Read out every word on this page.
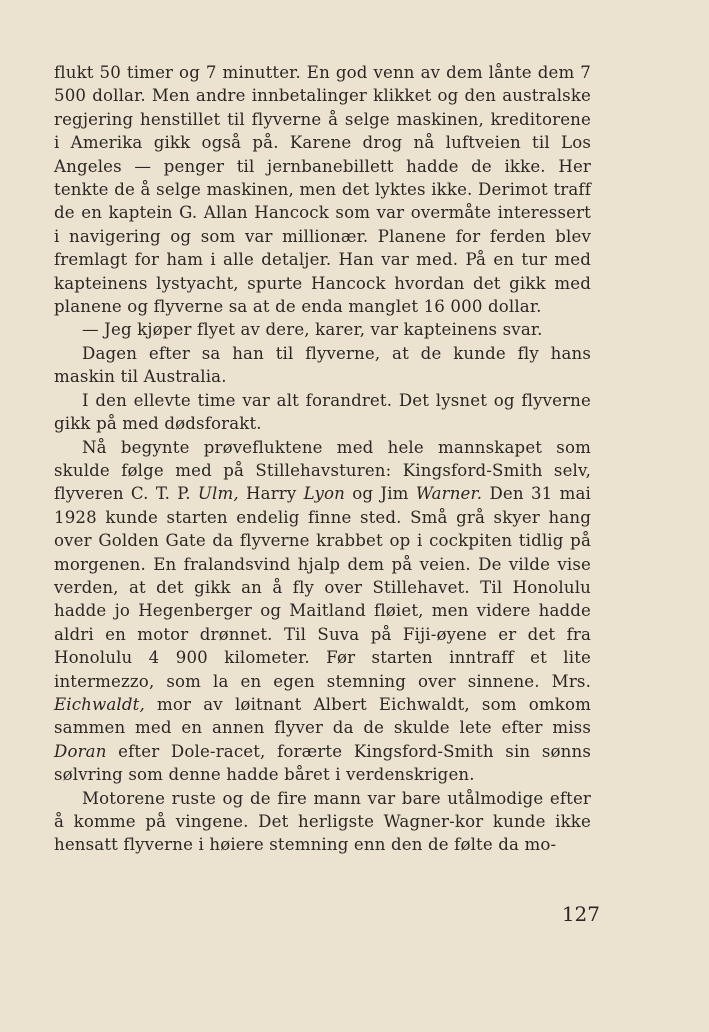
flukt 50 timer og 7 minutter. En god venn av dem lånte dem 7 500 dollar. Men andre innbetalinger klikket og den australske regjering henstillet til flyverne å selge maskinen, kreditorene i Amerika gikk også på. Karene drog nå luftveien til Los Angeles — penger til jernbanebillett hadde de ikke. Her tenkte de å selge maskinen, men det lyktes ikke. Derimot traff de en kaptein G. Allan Hancock som var overmåte interessert i navigering og som var millionær. Planene for ferden blev fremlagt for ham i alle detaljer. Han var med. På en tur med kapteinens lystyacht, spurte Hancock hvordan det gikk med planene og flyverne sa at de enda manglet 16 000 dollar.

— Jeg kjøper flyet av dere, karer, var kapteinens svar.

Dagen efter sa han til flyverne, at de kunde fly hans maskin til Australia.

I den ellevte time var alt forandret. Det lysnet og flyverne gikk på med dødsforakt.

Nå begynte prøvefluktene med hele mannskapet som skulde følge med på Stillehavsturen: Kingsford-Smith selv, flyveren C. T. P. Ulm, Harry Lyon og Jim Warner. Den 31 mai 1928 kunde starten endelig finne sted. Små grå skyer hang over Golden Gate da flyverne krabbet op i cockpiten tidlig på morgenen. En fralandsvind hjalp dem på veien. De vilde vise verden, at det gikk an å fly over Stillehavet. Til Honolulu hadde jo Hegenberger og Maitland fløiet, men videre hadde aldri en motor drønnet. Til Suva på Fiji-øyene er det fra Honolulu 4 900 kilometer. Før starten inntraff et lite intermezzo, som la en egen stemning over sinnene. Mrs. Eichwaldt, mor av løitnant Albert Eichwaldt, som omkom sammen med en annen flyver da de skulde lete efter miss Doran efter Dole-racet, forærte Kingsford-Smith sin sønns sølvring som denne hadde båret i verdenskrigen.

Motorene ruste og de fire mann var bare utålmodige efter å komme på vingene. Det herligste Wagner-kor kunde ikke hensatt flyverne i høiere stemning enn den de følte da mo-

127
